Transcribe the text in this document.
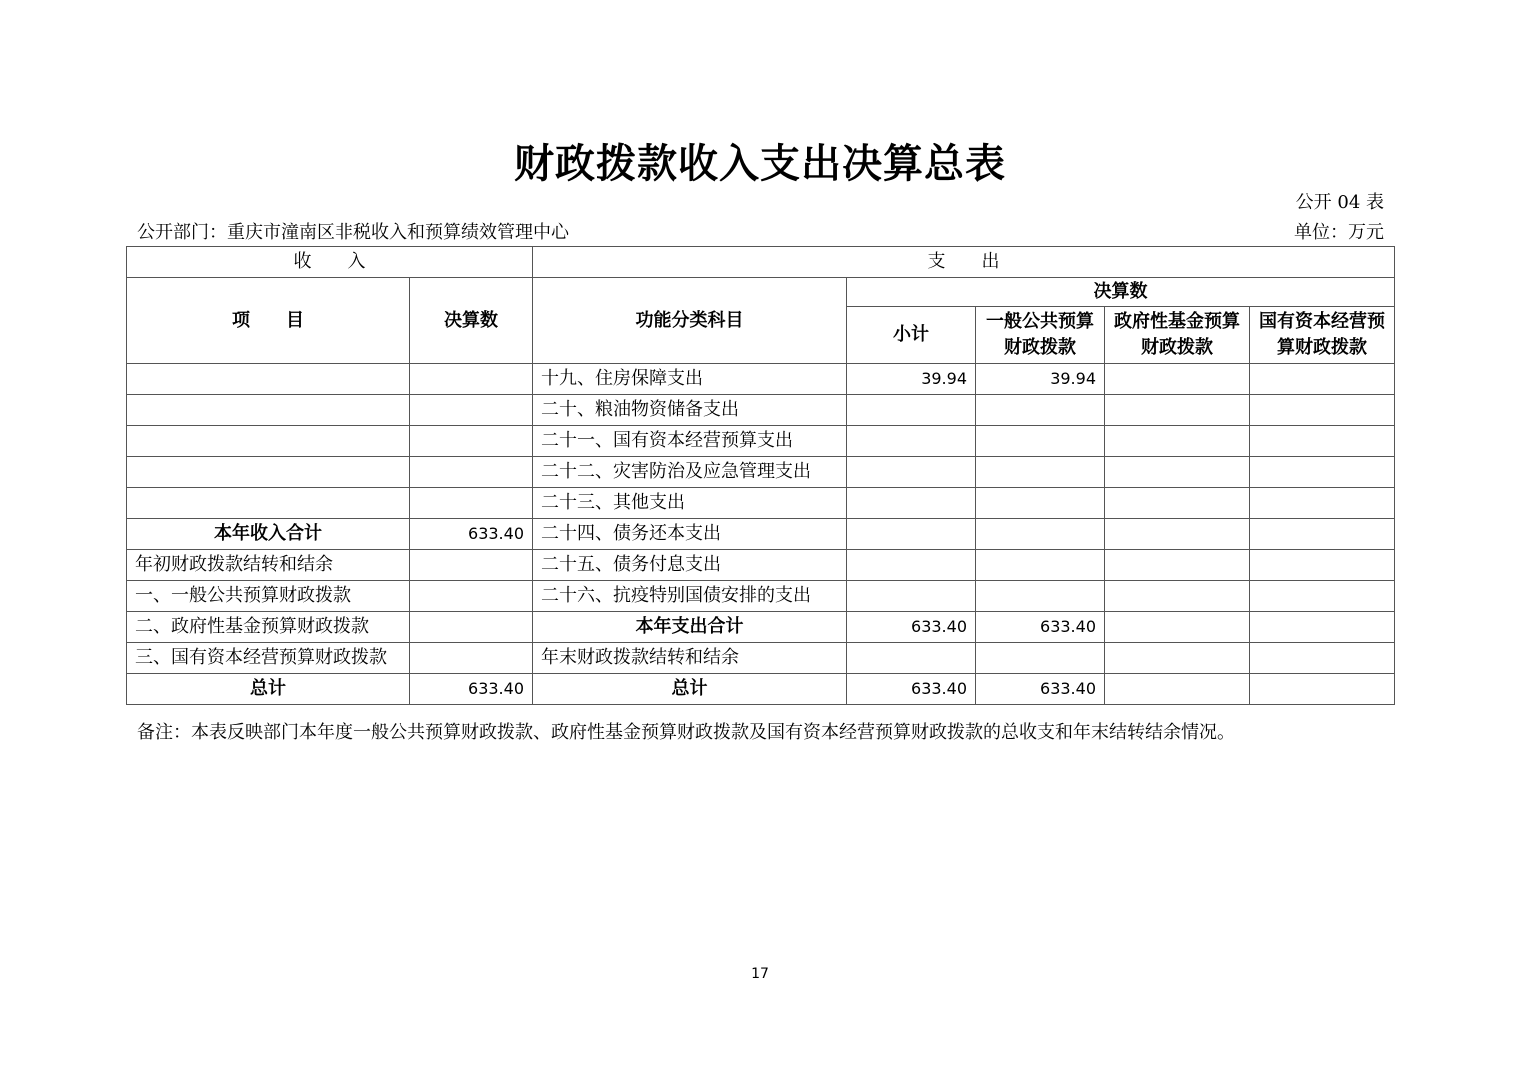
财政拨款收入支出决算总表
公开 04 表
公开部门：重庆市潼南区非税收入和预算绩效管理中心	单位：万元
收　　入		支　　出				
项　　目	决算数	功能分类科目	决算数			
			小计	一般公共预算财政拨款	政府性基金预算财政拨款	国有资本经营预算财政拨款
		十九、住房保障支出	39.94	39.94		
		二十、粮油物资储备支出				
		二十一、国有资本经营预算支出				
		二十二、灾害防治及应急管理支出				
		二十三、其他支出				
本年收入合计	633.40	二十四、债务还本支出				
年初财政拨款结转和结余		二十五、债务付息支出				
一、一般公共预算财政拨款		二十六、抗疫特别国债安排的支出				
二、政府性基金预算财政拨款		本年支出合计	633.40	633.40		
三、国有资本经营预算财政拨款		年末财政拨款结转和结余				
总计	633.40	总计	633.40	633.40		
备注：本表反映部门本年度一般公共预算财政拨款、政府性基金预算财政拨款及国有资本经营预算财政拨款的总收支和年末结转结余情况。
17
